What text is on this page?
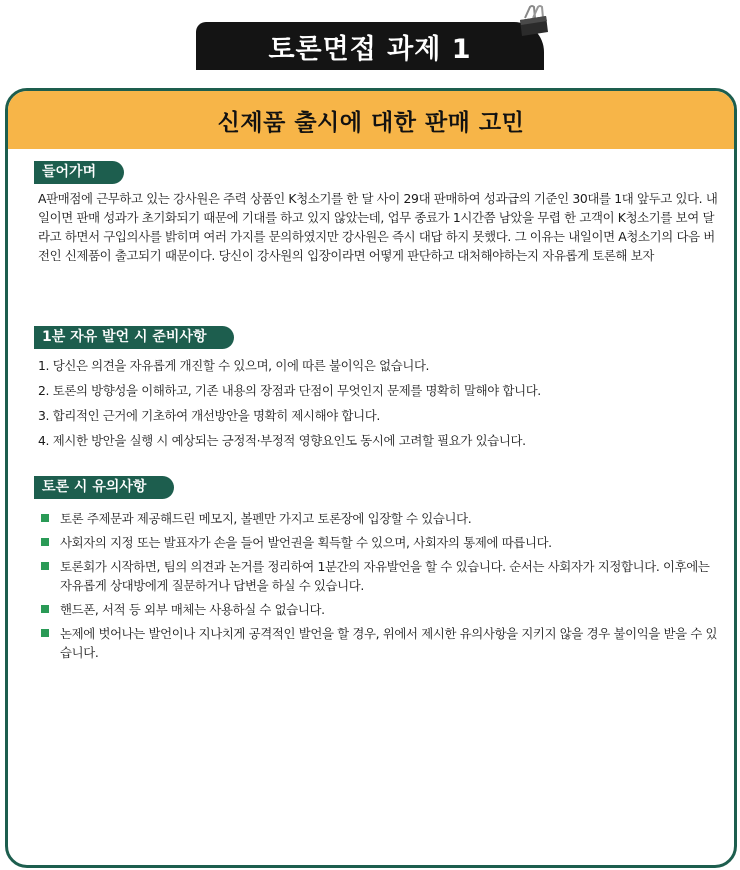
토론면접 과제 1
신제품 출시에 대한 판매 고민
들어가며

A판매점에 근무하고 있는 강사원은 주력 상품인 K청소기를 한 달 사이 29대 판매하여 성과급의 기준인 30대를 1대 앞두고 있다. 내일이면 판매 성과가 초기화되기 때문에 기대를 하고 있지 않았는데, 업무 종료가 1시간쯤 남았을 무렵 한 고객이 K청소기를 보여 달라고 하면서 구입의사를 밝히며 여러 가지를 문의하였지만 강사원은 즉시 대답 하지 못했다. 그 이유는 내일이면 A청소기의 다음 버전인 신제품이 출고되기 때문이다. 당신이 강사원의 입장이라면 어떻게 판단하고 대처해야하는지 자유롭게 토론해 보자

1분 자유 발언 시 준비사항
1. 당신은 의견을 자유롭게 개진할 수 있으며, 이에 따른 불이익은 없습니다.
2. 토론의 방향성을 이해하고, 기존 내용의 장점과 단점이 무엇인지 문제를 명확히 말해야 합니다.
3. 합리적인 근거에 기초하여 개선방안을 명확히 제시해야 합니다.
4. 제시한 방안을 실행 시 예상되는 긍정적·부정적 영향요인도 동시에 고려할 필요가 있습니다.
토론 시 유의사항
토론 주제문과 제공해드린 메모지, 볼펜만 가지고 토론장에 입장할 수 있습니다.
사회자의 지정 또는 발표자가 손을 들어 발언권을 획득할 수 있으며, 사회자의 통제에 따릅니다.
토론회가 시작하면, 팀의 의견과 논거를 정리하여 1분간의 자유발언을 할 수 있습니다. 순서는 사회자가 지정합니다. 이후에는 자유롭게 상대방에게 질문하거나 답변을 하실 수 있습니다.
핸드폰, 서적 등 외부 매체는 사용하실 수 없습니다.
논제에 벗어나는 발언이나 지나치게 공격적인 발언을 할 경우, 위에서 제시한 유의사항을 지키지 않을 경우 불이익을 받을 수 있습니다.
